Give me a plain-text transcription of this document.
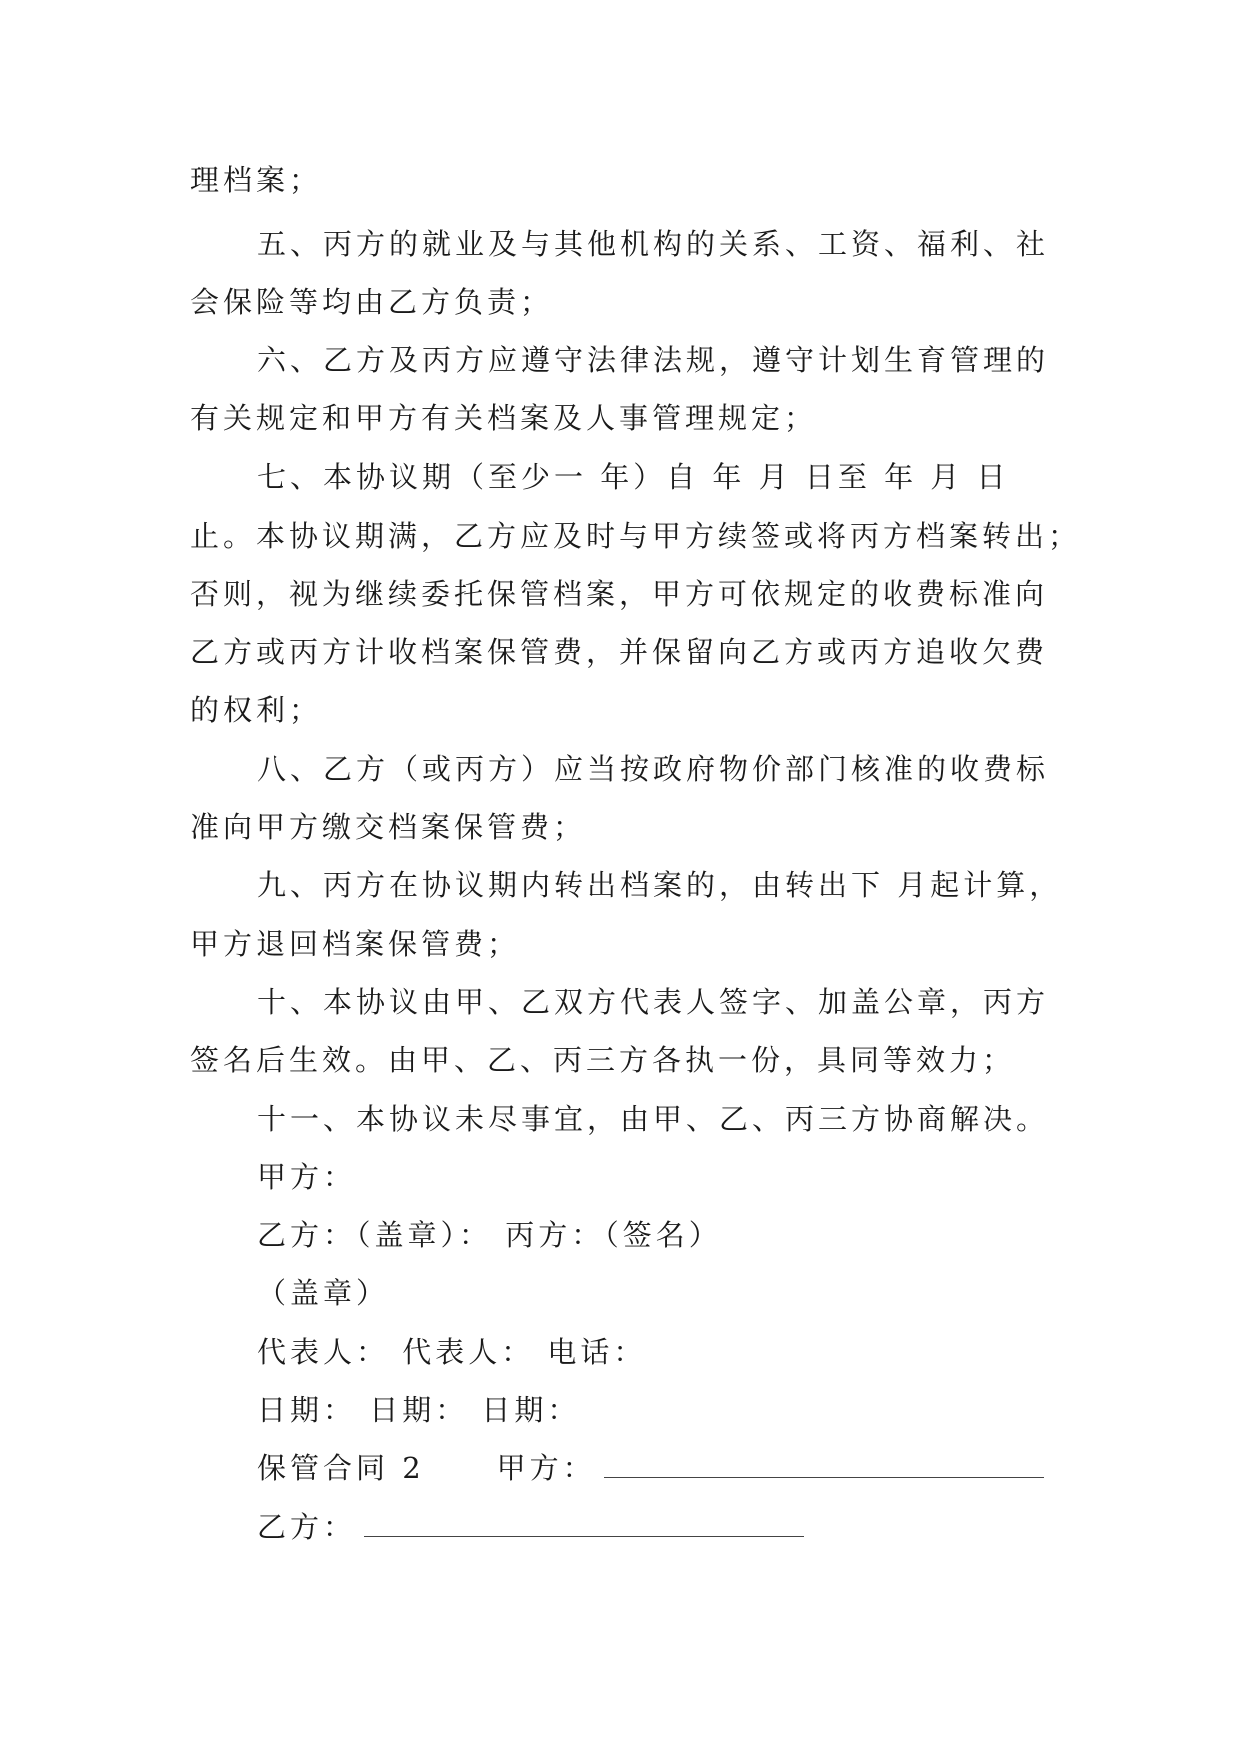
理档案；
五、丙方的就业及与其他机构的关系、工资、福利、社
会保险等均由乙方负责；
六、乙方及丙方应遵守法律法规，遵守计划生育管理的
有关规定和甲方有关档案及人事管理规定；
七、本协议期（至少一 年）自 年 月 日至 年 月 日
止。本协议期满，乙方应及时与甲方续签或将丙方档案转出；
否则，视为继续委托保管档案，甲方可依规定的收费标准向
乙方或丙方计收档案保管费，并保留向乙方或丙方追收欠费
的权利；
八、乙方（或丙方）应当按政府物价部门核准的收费标
准向甲方缴交档案保管费；
九、丙方在协议期内转出档案的，由转出下 月起计算，
甲方退回档案保管费；
十、本协议由甲、乙双方代表人签字、加盖公章，丙方
签名后生效。由甲、乙、丙三方各执一份，具同等效力；
十一、本协议未尽事宜，由甲、乙、丙三方协商解决。
甲方：
乙方：（盖章）： 丙方：（签名）
（盖章）
代表人： 代表人： 电话：
日期： 日期： 日期：
保管合同 2 甲方：
乙方：
